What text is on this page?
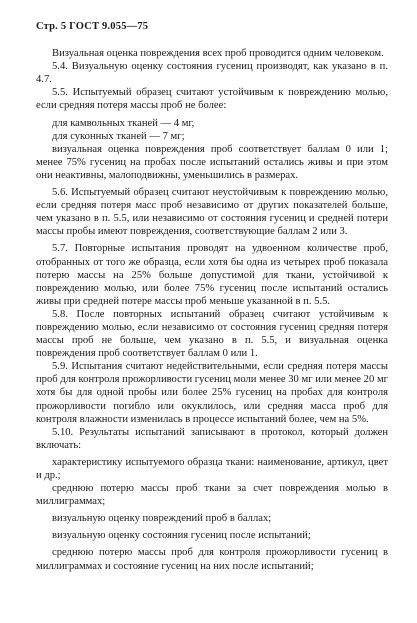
Стр. 5 ГОСТ 9.055—75

Визуальная оценка повреждения всех проб проводится одним человеком.

5.4. Визуальную оценку состояния гусениц производят, как указано в п. 4.7.

5.5. Испытуемый образец считают устойчивым к повреждению молью, если средняя потеря массы проб не более:

для камвольных тканей — 4 мг,

для суконных тканей — 7 мг;

визуальная оценка повреждения проб соответствует баллам 0 или 1; менее 75% гусениц на пробах после испытаний остались живы и при этом они неактивны, малоподвижны, уменьшились в размерах.

5.6. Испытуемый образец считают неустойчивым к повреждению молью, если средняя потеря масс проб независимо от других показателей больше, чем указано в п. 5.5, или независимо от состояния гусениц и средней потери массы пробы имеют повреждения, соответствующие баллам 2 или 3.

5.7. Повторные испытания проводят на удвоенном количестве проб, отобранных от того же образца, если хотя бы одна из четырех проб показала потерю массы на 25% больше допустимой для ткани, устойчивой к повреждению молью, или более 75% гусениц после испытаний остались живы при средней потере массы проб меньше указанной в п. 5.5.

5.8. После повторных испытаний образец считают устойчивым к повреждению молью, если независимо от состояния гусениц средняя потеря массы проб не больше, чем указано в п. 5.5, и визуальная оценка повреждения проб соответствует баллам 0 или 1.

5.9. Испытания считают недействительными, если средняя потеря массы проб для контроля прожорливости гусениц моли менее 30 мг или менее 20 мг хотя бы для одной пробы или более 25% гусениц на пробах для контроля прожорливости погибло или окуклилось, или средняя масса проб для контроля влажности изменилась в процессе испытаний более, чем на 5%.

5.10. Результаты испытаний записывают в протокол, который должен включать:

характеристику испытуемого образца ткани: наименование, артикул, цвет и др.;

среднюю потерю массы проб ткани за счет повреждения молью в миллиграммах;

визуальную оценку повреждений проб в баллах;

визуальную оценку состояния гусениц после испытаний;

среднюю потерю массы проб для контроля прожорливости гусениц в миллиграммах и состояние гусениц на них после испытаний;
